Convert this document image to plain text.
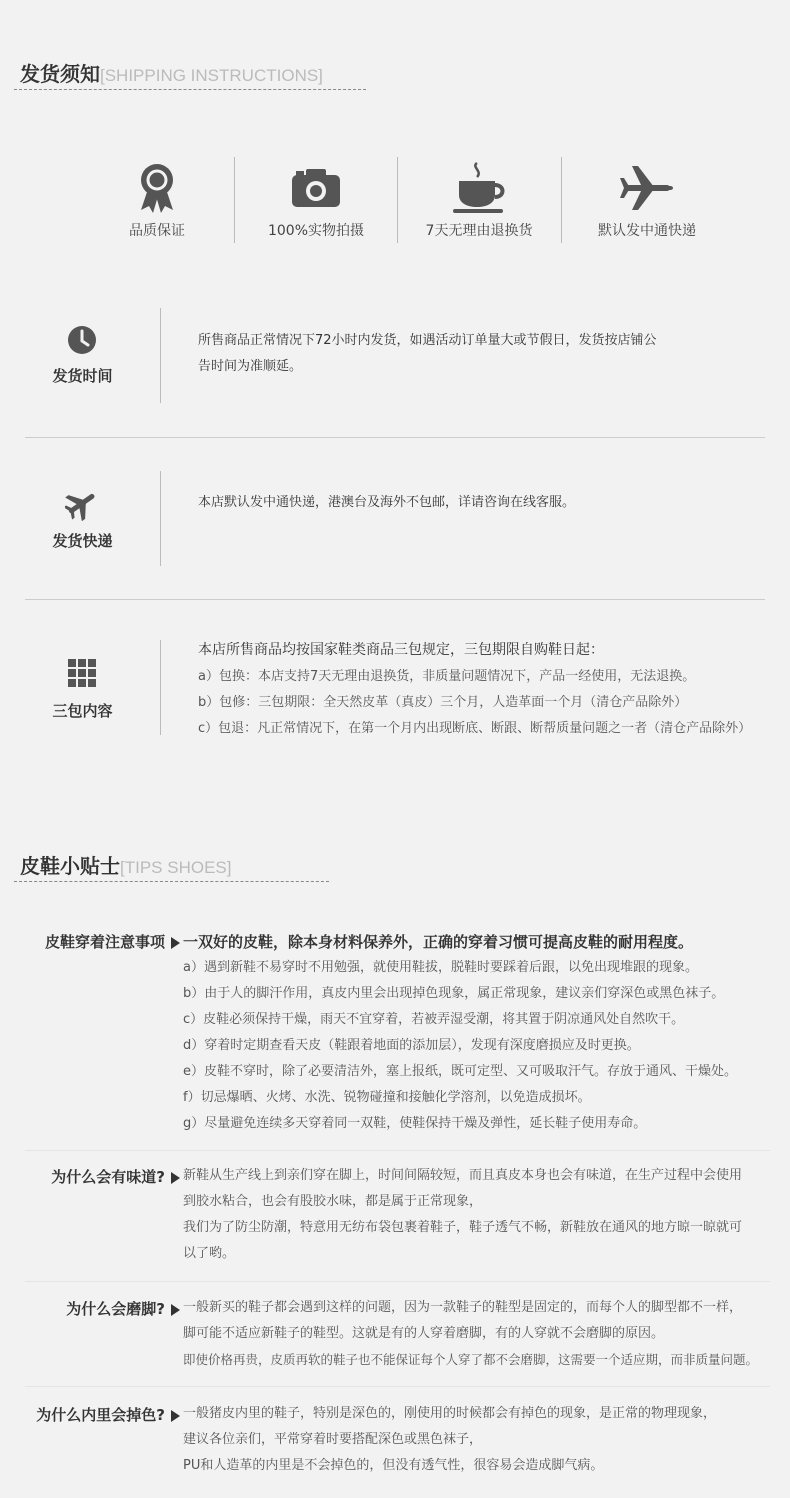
发货须知[SHIPPING INSTRUCTIONS]
品质保证	100%实物拍摄	7天无理由退换货	默认发中通快递
发货时间
所售商品正常情况下72小时内发货，如遇活动订单量大或节假日，发货按店铺公
告时间为准顺延。
发货快递
本店默认发中通快递，港澳台及海外不包邮，详请咨询在线客服。
三包内容
本店所售商品均按国家鞋类商品三包规定，三包期限自购鞋日起：
a）包换：本店支持7天无理由退换货，非质量问题情况下，产品一经使用，无法退换。
b）包修：三包期限：全天然皮革（真皮）三个月，人造革面一个月（清仓产品除外）
c）包退：凡正常情况下，在第一个月内出现断底、断跟、断帮质量问题之一者（清仓产品除外）
皮鞋小贴士[TIPS SHOES]
皮鞋穿着注意事项	一双好的皮鞋，除本身材料保养外，正确的穿着习惯可提高皮鞋的耐用程度。
a）遇到新鞋不易穿时不用勉强，就使用鞋拔，脱鞋时要踩着后跟，以免出现堆跟的现象。
b）由于人的脚汗作用，真皮内里会出现掉色现象，属正常现象，建议亲们穿深色或黑色袜子。
c）皮鞋必须保持干燥，雨天不宜穿着，若被弄湿受潮，将其置于阴凉通风处自然吹干。
d）穿着时定期查看天皮（鞋跟着地面的添加层），发现有深度磨损应及时更换。
e）皮鞋不穿时，除了必要清洁外，塞上报纸，既可定型、又可吸取汗气。存放于通风、干燥处。
f）切忌爆晒、火烤、水洗、锐物碰撞和接触化学溶剂，以免造成损坏。
g）尽量避免连续多天穿着同一双鞋，使鞋保持干燥及弹性，延长鞋子使用寿命。
为什么会有味道?	新鞋从生产线上到亲们穿在脚上，时间间隔较短，而且真皮本身也会有味道，在生产过程中会使用
到胶水粘合，也会有股胶水味，都是属于正常现象，
我们为了防尘防潮，特意用无纺布袋包裹着鞋子，鞋子透气不畅，新鞋放在通风的地方晾一晾就可
以了哟。
为什么会磨脚?	一般新买的鞋子都会遇到这样的问题，因为一款鞋子的鞋型是固定的，而每个人的脚型都不一样，
脚可能不适应新鞋子的鞋型。这就是有的人穿着磨脚，有的人穿就不会磨脚的原因。
即使价格再贵，皮质再软的鞋子也不能保证每个人穿了都不会磨脚，这需要一个适应期，而非质量问题。
为什么内里会掉色?	一般猪皮内里的鞋子，特别是深色的，刚使用的时候都会有掉色的现象，是正常的物理现象，
建议各位亲们，平常穿着时要搭配深色或黑色袜子，
PU和人造革的内里是不会掉色的，但没有透气性，很容易会造成脚气病。
